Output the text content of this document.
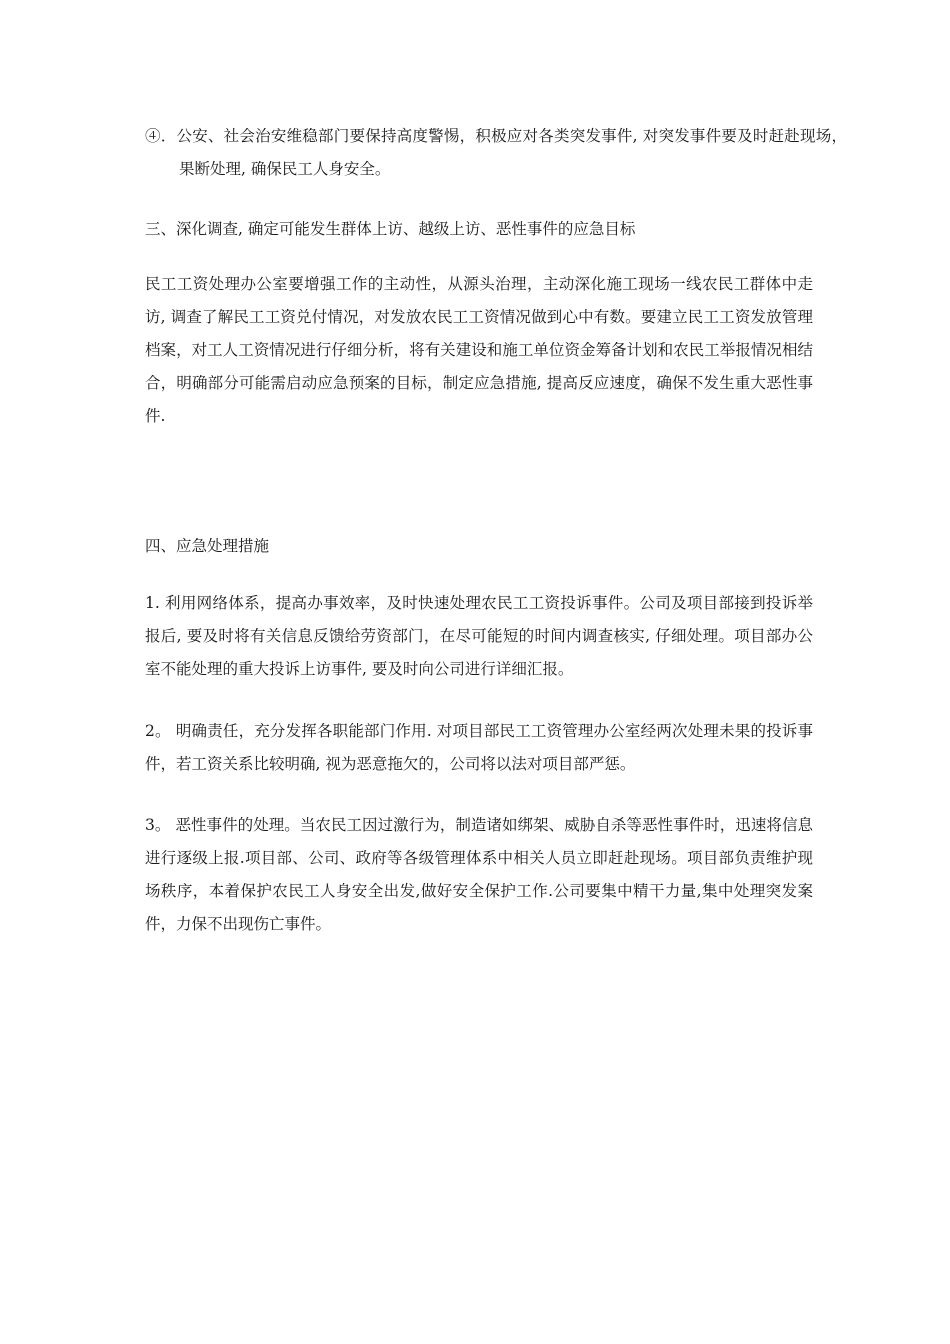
④．公安、社会治安维稳部门要保持高度警惕，积极应对各类突发事件, 对突发事件要及时赶赴现场，果断处理, 确保民工人身安全。

三、深化调查, 确定可能发生群体上访、越级上访、恶性事件的应急目标

民工工资处理办公室要增强工作的主动性，从源头治理，主动深化施工现场一线农民工群体中走访, 调查了解民工工资兑付情况，对发放农民工工资情况做到心中有数。要建立民工工资发放管理档案，对工人工资情况进行仔细分析，将有关建设和施工单位资金筹备计划和农民工举报情况相结合，明确部分可能需启动应急预案的目标，制定应急措施, 提高反应速度，确保不发生重大恶性事件.

四、应急处理措施

1. 利用网络体系，提高办事效率，及时快速处理农民工工资投诉事件。公司及项目部接到投诉举报后, 要及时将有关信息反馈给劳资部门，在尽可能短的时间内调查核实, 仔细处理。项目部办公室不能处理的重大投诉上访事件, 要及时向公司进行详细汇报。

2。 明确责任，充分发挥各职能部门作用. 对项目部民工工资管理办公室经两次处理未果的投诉事件，若工资关系比较明确, 视为恶意拖欠的，公司将以法对项目部严惩。

3。 恶性事件的处理。当农民工因过激行为，制造诸如绑架、威胁自杀等恶性事件时，迅速将信息进行逐级上报.项目部、公司、政府等各级管理体系中相关人员立即赶赴现场。项目部负责维护现场秩序，本着保护农民工人身安全出发,做好安全保护工作.公司要集中精干力量,集中处理突发案件，力保不出现伤亡事件。
